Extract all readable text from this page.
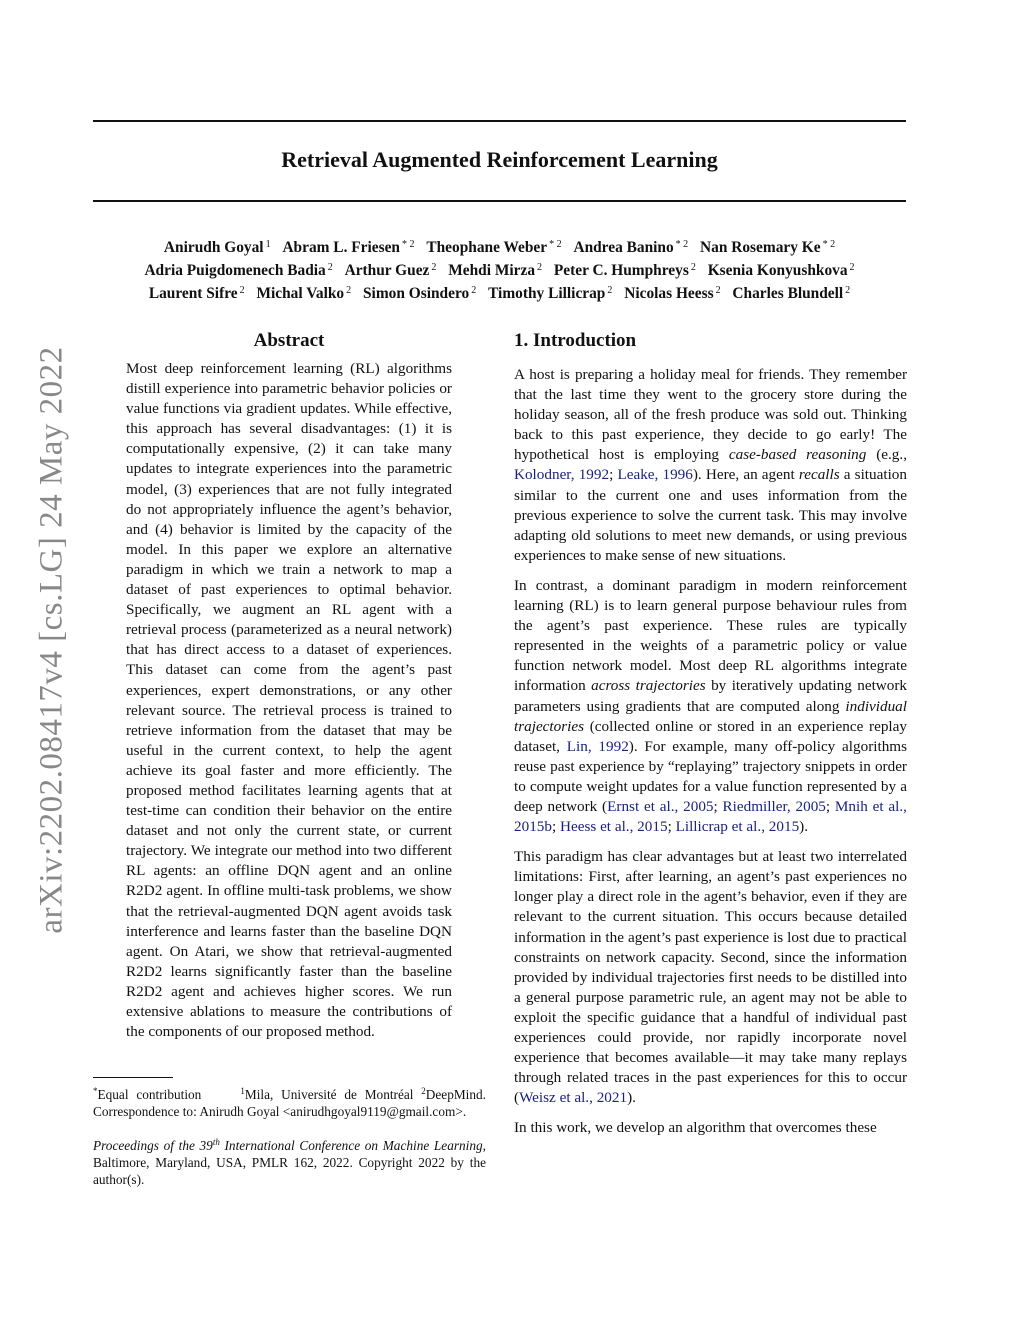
Retrieval Augmented Reinforcement Learning
Anirudh Goyal $^1$ Abram L. Friesen $^{* 2}$ Theophane Weber $^{* 2}$ Andrea Banino $^{* 2}$ Nan Rosemary Ke $^{* 2}$
Adria Puigdomenech Badia $^2$ Arthur Guez $^2$ Mehdi Mirza $^2$ Peter C. Humphreys $^2$ Ksenia Konyushkova $^2$
Laurent Sifre $^2$ Michal Valko $^2$ Simon Osindero $^2$ Timothy Lillicrap $^2$ Nicolas Heess $^2$ Charles Blundell $^2$
arXiv:2202.08417v4 [cs.LG] 24 May 2022
Abstract

Most deep reinforcement learning (RL) algorithms distill experience into parametric behavior policies or value functions via gradient updates. While effective, this approach has several disadvantages: (1) it is computationally expensive, (2) it can take many updates to integrate experiences into the parametric model, (3) experiences that are not fully integrated do not appropriately influence the agent’s behavior, and (4) behavior is limited by the capacity of the model. In this paper we explore an alternative paradigm in which we train a network to map a dataset of past experiences to optimal behavior. Specifically, we augment an RL agent with a retrieval process (parameterized as a neural network) that has direct access to a dataset of experiences. This dataset can come from the agent’s past experiences, expert demonstrations, or any other relevant source. The retrieval process is trained to retrieve information from the dataset that may be useful in the current context, to help the agent achieve its goal faster and more efficiently. The proposed method facilitates learning agents that at test-time can condition their behavior on the entire dataset and not only the current state, or current trajectory. We integrate our method into two different RL agents: an offline DQN agent and an online R2D2 agent. In offline multi-task problems, we show that the retrieval-augmented DQN agent avoids task interference and learns faster than the baseline DQN agent. On Atari, we show that retrieval-augmented R2D2 learns significantly faster than the baseline R2D2 agent and achieves higher scores. We run extensive ablations to measure the contributions of the components of our proposed method.

*Equal contribution	$^1$Mila, Université de Montréal $^2$DeepMind. Correspondence to: Anirudh Goyal <anirudhgoyal9119@gmail.com>.

Proceedings of the 39th International Conference on Machine Learning, Baltimore, Maryland, USA, PMLR 162, 2022. Copyright 2022 by the author(s).

1. Introduction

A host is preparing a holiday meal for friends. They remember that the last time they went to the grocery store during the holiday season, all of the fresh produce was sold out. Thinking back to this past experience, they decide to go early! The hypothetical host is employing case-based reasoning (e.g., Kolodner, 1992; Leake, 1996). Here, an agent recalls a situation similar to the current one and uses information from the previous experience to solve the current task. This may involve adapting old solutions to meet new demands, or using previous experiences to make sense of new situations.

In contrast, a dominant paradigm in modern reinforcement learning (RL) is to learn general purpose behaviour rules from the agent’s past experience. These rules are typically represented in the weights of a parametric policy or value function network model. Most deep RL algorithms integrate information across trajectories by iteratively updating network parameters using gradients that are computed along individual trajectories (collected online or stored in an experience replay dataset, Lin, 1992). For example, many off-policy algorithms reuse past experience by “replaying” trajectory snippets in order to compute weight updates for a value function represented by a deep network (Ernst et al., 2005; Riedmiller, 2005; Mnih et al., 2015b; Heess et al., 2015; Lillicrap et al., 2015).

This paradigm has clear advantages but at least two interrelated limitations: First, after learning, an agent’s past experiences no longer play a direct role in the agent’s behavior, even if they are relevant to the current situation. This occurs because detailed information in the agent’s past experience is lost due to practical constraints on network capacity. Second, since the information provided by individual trajectories first needs to be distilled into a general purpose parametric rule, an agent may not be able to exploit the specific guidance that a handful of individual past experiences could provide, nor rapidly incorporate novel experience that becomes available—it may take many replays through related traces in the past experiences for this to occur (Weisz et al., 2021).

In this work, we develop an algorithm that overcomes these
